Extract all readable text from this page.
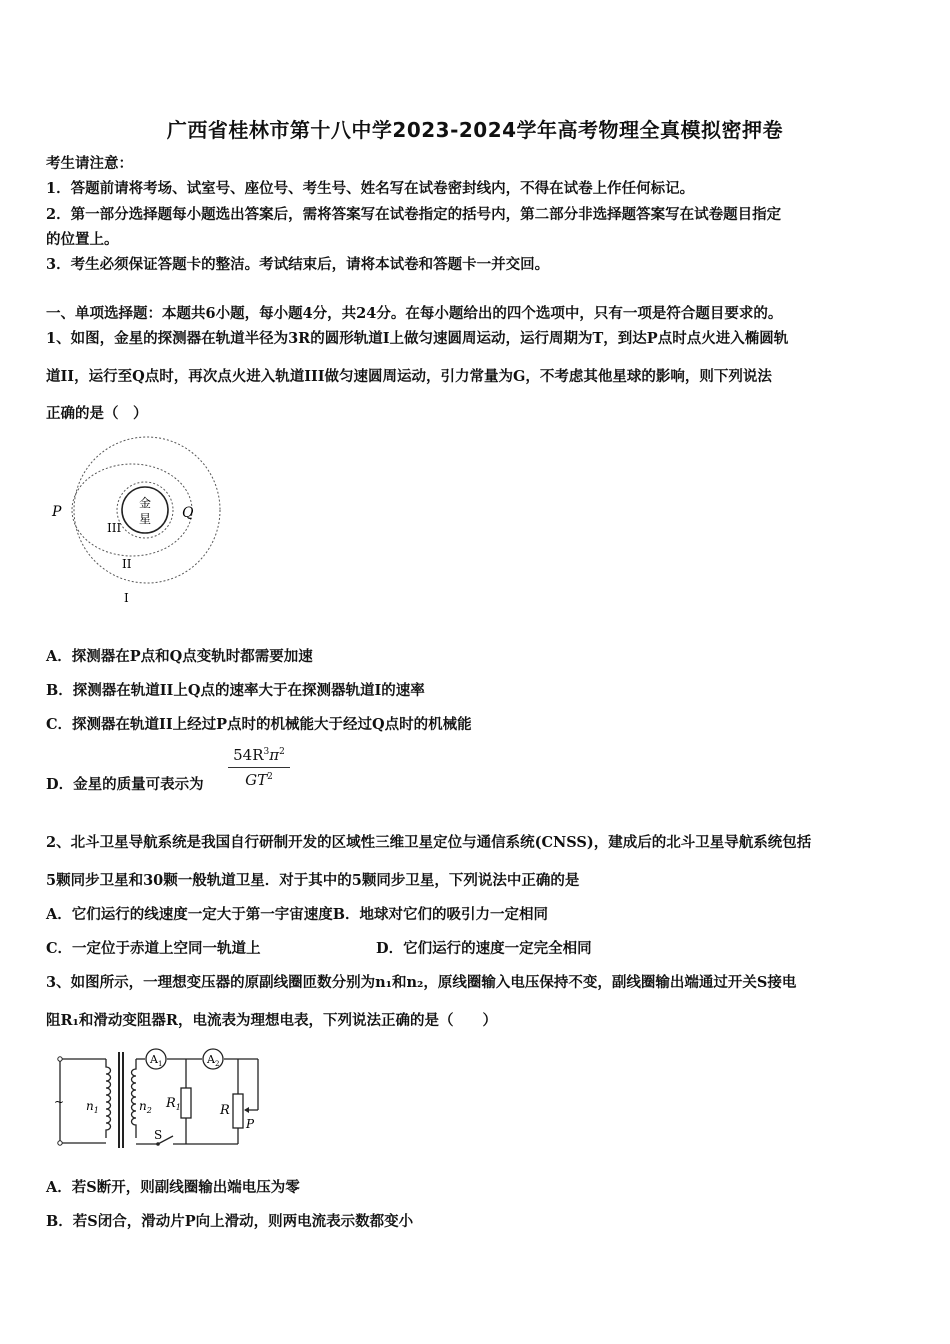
广西省桂林市第十八中学2023-2024学年高考物理全真模拟密押卷
考生请注意：
1．答题前请将考场、试室号、座位号、考生号、姓名写在试卷密封线内，不得在试卷上作任何标记。
2．第一部分选择题每小题选出答案后，需将答案写在试卷指定的括号内，第二部分非选择题答案写在试卷题目指定
的位置上。
3．考生必须保证答题卡的整洁。考试结束后，请将本试卷和答题卡一并交回。
一、单项选择题：本题共6小题，每小题4分，共24分。在每小题给出的四个选项中，只有一项是符合题目要求的。
1、如图，金星的探测器在轨道半径为3R的圆形轨道I上做匀速圆周运动，运行周期为T，到达P点时点火进入椭圆轨
道II，运行至Q点时，再次点火进入轨道III做匀速圆周运动，引力常量为G，不考虑其他星球的影响，则下列说法
正确的是（　）
金
星
P	Q
III
II
I
A．探测器在P点和Q点变轨时都需要加速
B．探测器在轨道II上Q点的速率大于在探测器轨道I的速率
C．探测器在轨道II上经过P点时的机械能大于经过Q点时的机械能
D．金星的质量可表示为 $\frac{54R^3\pi^2}{GT^2}$
2、北斗卫星导航系统是我国自行研制开发的区域性三维卫星定位与通信系统(CNSS)，建成后的北斗卫星导航系统包括
5颗同步卫星和30颗一般轨道卫星．对于其中的5颗同步卫星，下列说法中正确的是
A．它们运行的线速度一定大于第一宇宙速度B．地球对它们的吸引力一定相同
C．一定位于赤道上空同一轨道上	D．它们运行的速度一定完全相同
3、如图所示，一理想变压器的原副线圈匝数分别为n₁和n₂，原线圈输入电压保持不变，副线圈输出端通过开关S接电
阻R₁和滑动变阻器R，电流表为理想电表，下列说法正确的是（　　）
~ $n_1$	$n_2$
$A_1$	$A_2$
$R_1$	R
S
P
A．若S断开，则副线圈输出端电压为零
B．若S闭合，滑动片P向上滑动，则两电流表示数都变小
